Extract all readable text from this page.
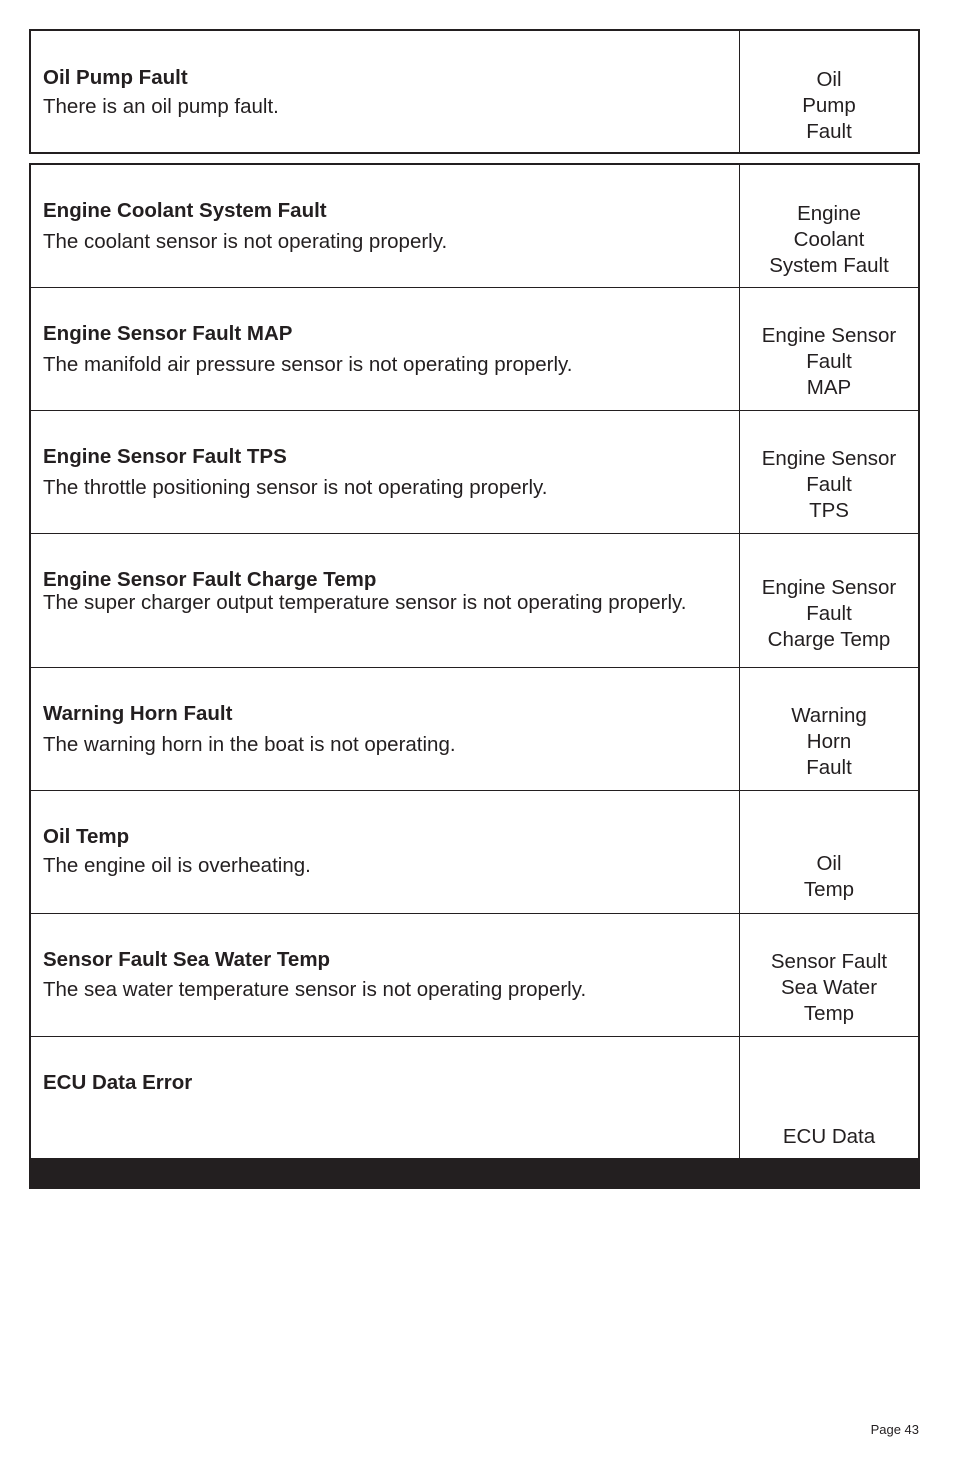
Oil Pump Fault
There is an oil pump fault.
Oil
Pump
Fault
Engine Coolant System Fault
The coolant sensor is not operating properly.
Engine
Coolant
System Fault
Engine Sensor Fault MAP
The manifold air pressure sensor is not operating properly.
Engine Sensor
Fault
MAP
Engine Sensor Fault TPS
The throttle positioning sensor is not operating properly.
Engine Sensor
Fault
TPS
Engine Sensor Fault Charge Temp
The super charger output temperature sensor is not operating properly.
Engine Sensor
Fault
Charge Temp
Warning Horn Fault
The warning horn in the boat is not operating.
Warning
Horn
Fault
Oil Temp
The engine oil is overheating.	Oil
Temp
Sensor Fault Sea Water Temp
The sea water temperature sensor is not operating properly.
Sensor Fault
Sea Water
Temp
ECU Data Error
ECU Data
Page 43
